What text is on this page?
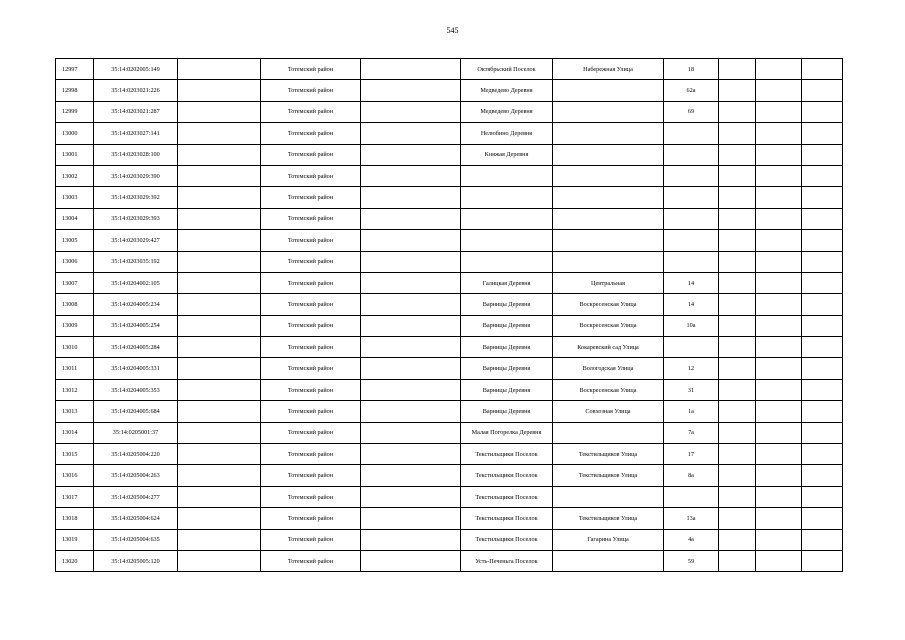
545
12997	35:14:0202005:149		Тотемский район		Октябрьский Поселок	Набережная Улица	18			
12998	35:14:0203021:226		Тотемский район		Медведево Деревня		62а			
12999	35:14:0203021:287		Тотемский район		Медведево Деревня		69			
13000	35:14:0203027:141		Тотемский район		Нелюбино Деревня					
13001	35:14:0203028:100		Тотемский район		Княжая Деревня					
13002	35:14:0203029:390		Тотемский район							
13003	35:14:0203029:392		Тотемский район							
13004	35:14:0203029:393		Тотемский район							
13005	35:14:0203029:427		Тотемский район							
13006	35:14:0203035:192		Тотемский район							
13007	35:14:0204002:105		Тотемский район		Галицкая Деревня	Центральная	14			
13008	35:14:0204005:234		Тотемский район		Варницы Деревня	Воскресенская Улица	14			
13009	35:14:0204005:254		Тотемский район		Варницы Деревня	Воскресенская Улица	10а			
13010	35:14:0204005:284		Тотемский район		Варницы Деревня	Кокаревский сад Улица				
13011	35:14:0204005:331		Тотемский район		Варницы Деревня	Вологодская Улица	12			
13012	35:14:0204005:353		Тотемский район		Варницы Деревня	Воскресенская Улица	31			
13013	35:14:0204005:684		Тотемский район		Варницы Деревня	Совхозная Улица	1а			
13014	35:14:0205001:37		Тотемский район		Малая Погорелка Деревня		7а			
13015	35:14:0205004:220		Тотемский район		Текстильщики Поселок	Текстильщиков Улица	17			
13016	35:14:0205004:263		Тотемский район		Текстильщики Поселок	Текстильщиков Улица	8а			
13017	35:14:0205004:277		Тотемский район		Текстильщики Поселок					
13018	35:14:0205004:624		Тотемский район		Текстильщики Поселок	Текстильщиков Улица	13а			
13019	35:14:0205004:635		Тотемский район		Текстильщики Поселок	Гагарина Улица	4а			
13020	35:14:0205005:120		Тотемский район		Усть-Печеньга Поселок		59			
